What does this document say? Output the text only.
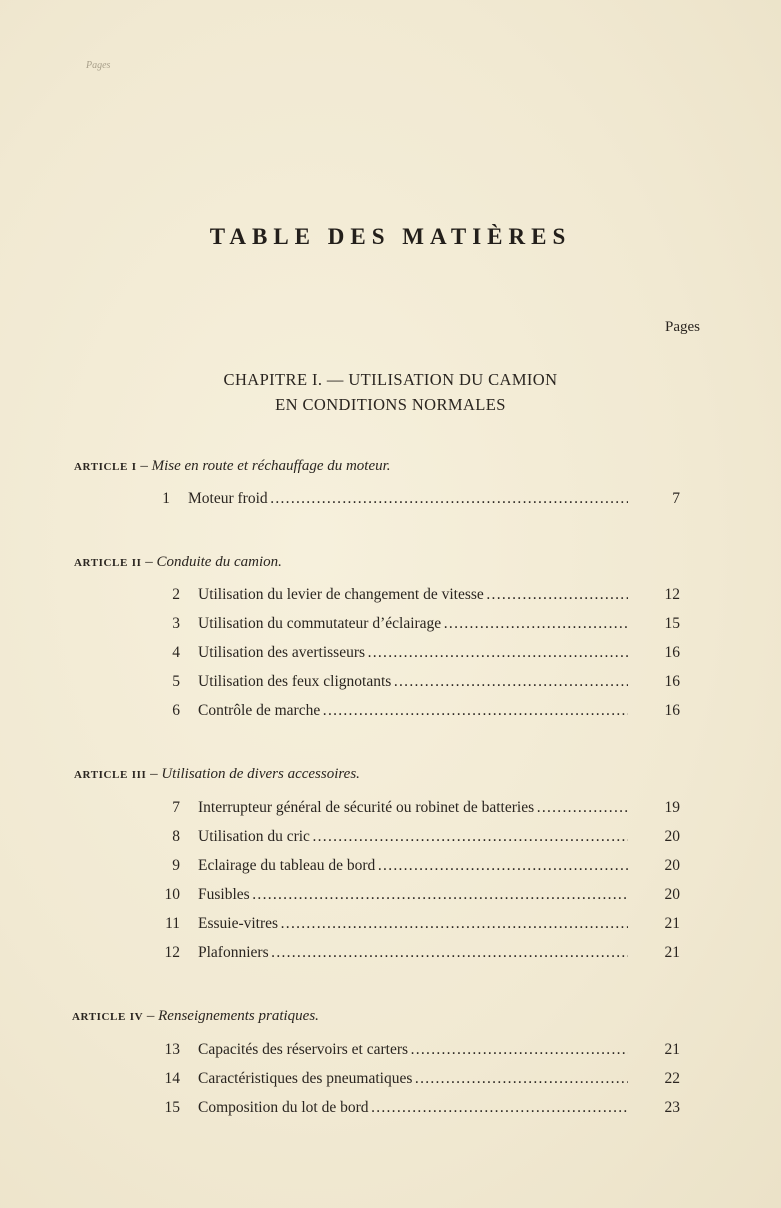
Pages
TABLE DES MATIÈRES
Pages
CHAPITRE I. — UTILISATION DU CAMION
EN CONDITIONS NORMALES
ARTICLE I – Mise en route et réchauffage du moteur.
1 Moteur froid . . .	7
ARTICLE II – Conduite du camion.
2 Utilisation du levier de changement de vitesse . . .	12
3 Utilisation du commutateur d’éclairage . . .	15
4 Utilisation des avertisseurs . . .	16
5 Utilisation des feux clignotants . . .	16
6 Contrôle de marche . . .	16
ARTICLE III – Utilisation de divers accessoires.
7 Interrupteur général de sécurité ou robinet de batteries . . .	19
8 Utilisation du cric . . .	20
9 Eclairage du tableau de bord . . .	20
10 Fusibles . . .	20
11 Essuie-vitres . . .	21
12 Plafonniers . . .	21
ARTICLE IV – Renseignements pratiques.
13 Capacités des réservoirs et carters . . .	21
14 Caractéristiques des pneumatiques . . .	22
15 Composition du lot de bord . . .	23
